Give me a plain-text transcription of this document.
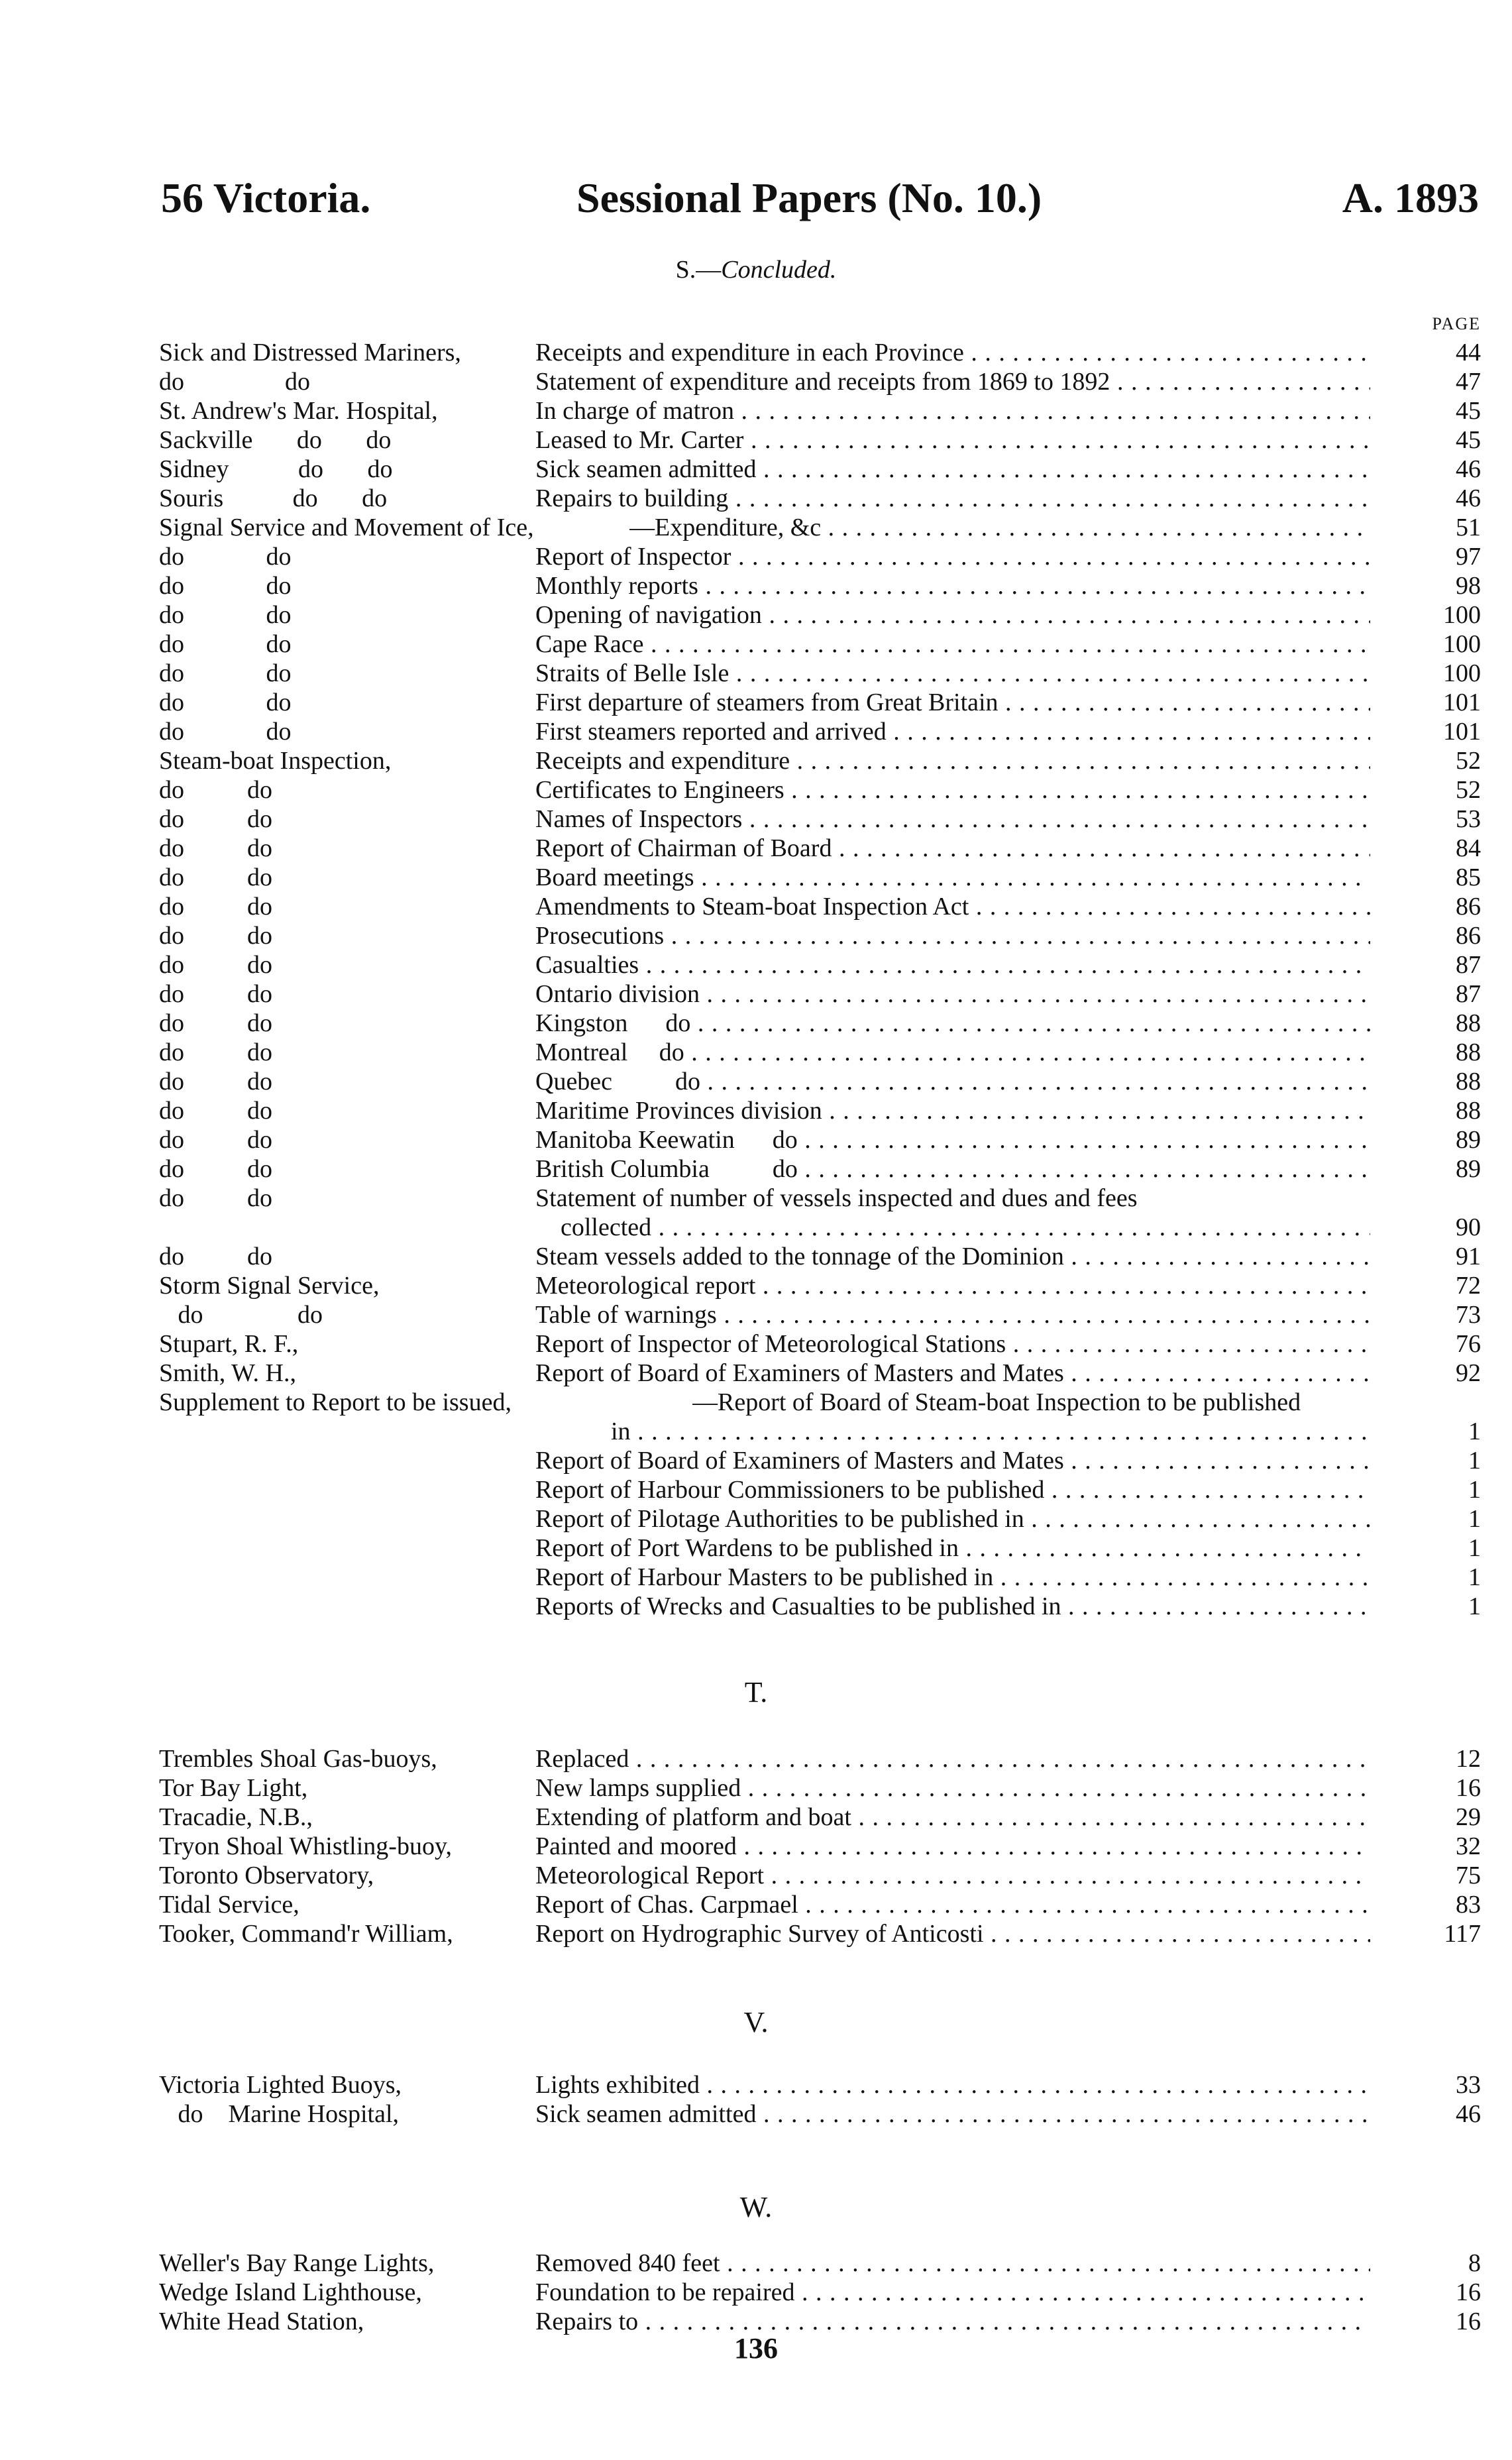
56 Victoria.	Sessional Papers (No. 10.)	A. 1893
S.—Concluded.
PAGE
Sick and Distressed Mariners,	Receipts and expenditure in each Province . . .	44
do                do	Statement of expenditure and receipts from 1869 to 1892 . . .	47
St. Andrew's Mar. Hospital,	In charge of matron . . .	45
Sackville       do       do	Leased to Mr. Carter . . .	45
Sidney           do       do	Sick seamen admitted . . .	46
Souris           do       do	Repairs to building . . .	46
Signal Service and Movement of Ice,	—Expenditure, &c . . .	51
do             do	Report of Inspector . . .	97
do             do	Monthly reports . . .	98
do             do	Opening of navigation . . .	100
do             do	Cape Race . . .	100
do             do	Straits of Belle Isle . . .	100
do             do	First departure of steamers from Great Britain . . .	101
do             do	First steamers reported and arrived . . .	101
Steam-boat Inspection,	Receipts and expenditure . . .	52
do          do	Certificates to Engineers . . .	52
do          do	Names of Inspectors . . .	53
do          do	Report of Chairman of Board . . .	84
do          do	Board meetings . . .	85
do          do	Amendments to Steam-boat Inspection Act . . .	86
do          do	Prosecutions . . .	86
do          do	Casualties . . .	87
do          do	Ontario division . . .	87
do          do	Kingston      do . . .	88
do          do	Montreal     do . . .	88
do          do	Quebec          do . . .	88
do          do	Maritime Provinces division . . .	88
do          do	Manitoba Keewatin      do . . .	89
do          do	British Columbia          do . . .	89
do          do	Statement of number of vessels inspected and dues and fees
collected . . .	90
do          do	Steam vessels added to the tonnage of the Dominion . . .	91
Storm Signal Service,	Meteorological report . . .	72
do               do	Table of warnings . . .	73
Stupart, R. F.,	Report of Inspector of Meteorological Stations . . .	76
Smith, W. H.,	Report of Board of Examiners of Masters and Mates . . .	92
Supplement to Report to be issued,	—Report of Board of Steam-boat Inspection to be published
in . . .	1
Report of Board of Examiners of Masters and Mates . . .	1
Report of Harbour Commissioners to be published . . .	1
Report of Pilotage Authorities to be published in . . .	1
Report of Port Wardens to be published in . . .	1
Report of Harbour Masters to be published in . . .	1
Reports of Wrecks and Casualties to be published in . . .	1
T.
Trembles Shoal Gas-buoys,	Replaced . . .	12
Tor Bay Light,	New lamps supplied . . .	16
Tracadie, N.B.,	Extending of platform and boat . . .	29
Tryon Shoal Whistling-buoy,	Painted and moored . . .	32
Toronto Observatory,	Meteorological Report . . .	75
Tidal Service,	Report of Chas. Carpmael . . .	83
Tooker, Command'r William,	Report on Hydrographic Survey of Anticosti . . .	117
V.
Victoria Lighted Buoys,	Lights exhibited . . .	33
do    Marine Hospital,	Sick seamen admitted . . .	46
W.
Weller's Bay Range Lights,	Removed 840 feet . . .	8
Wedge Island Lighthouse,	Foundation to be repaired . . .	16
White Head Station,	Repairs to . . .	16
136
